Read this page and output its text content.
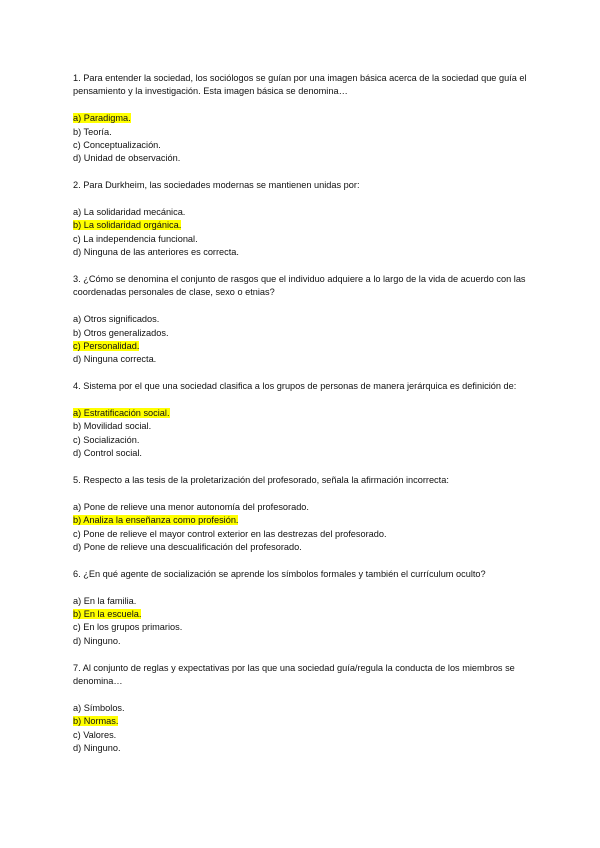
1. Para entender la sociedad, los sociólogos se guían por una imagen básica acerca de la sociedad que guía el pensamiento y la investigación. Esta imagen básica se denomina…

a) Paradigma.

b) Teoría.

c) Conceptualización.

d) Unidad de observación.

2. Para Durkheim, las sociedades modernas se mantienen unidas por:

a) La solidaridad mecánica.

b) La solidaridad orgánica.

c) La independencia funcional.

d) Ninguna de las anteriores es correcta.

3. ¿Cómo se denomina el conjunto de rasgos que el individuo adquiere a lo largo de la vida de acuerdo con las coordenadas personales de clase, sexo o etnias?

a) Otros significados.

b) Otros generalizados.

c) Personalidad.

d) Ninguna correcta.

4. Sistema por el que una sociedad clasifica a los grupos de personas de manera jerárquica es definición de:

a) Estratificación social.

b) Movilidad social.

c) Socialización.

d) Control social.

5. Respecto a las tesis de la proletarización del profesorado, señala la afirmación incorrecta:

a) Pone de relieve una menor autonomía del profesorado.

b) Analiza la enseñanza como profesión.

c) Pone de relieve el mayor control exterior en las destrezas del profesorado.

d) Pone de relieve una descualificación del profesorado.

6. ¿En qué agente de socialización se aprende los símbolos formales y también el currículum oculto?

a) En la familia.

b) En la escuela.

c) En los grupos primarios.

d) Ninguno.

7. Al conjunto de reglas y expectativas por las que una sociedad guía/regula la conducta de los miembros se denomina…

a) Símbolos.

b) Normas.

c) Valores.

d) Ninguno.
